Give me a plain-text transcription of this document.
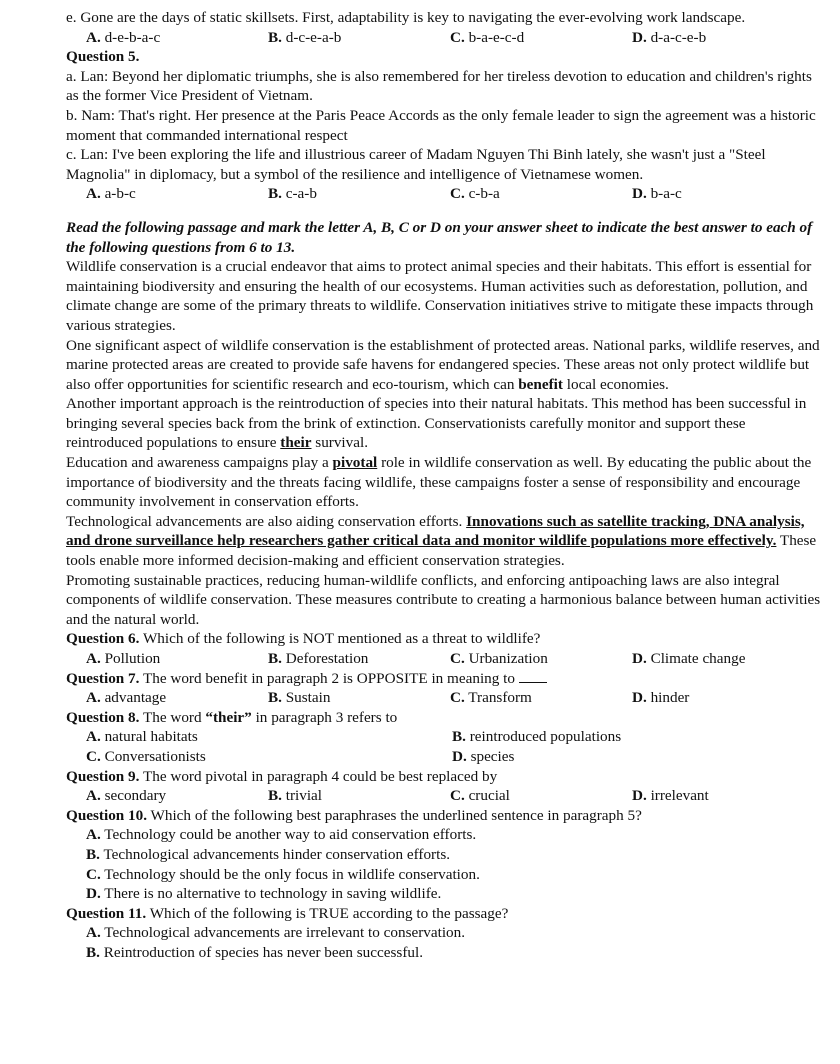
e. Gone are the days of static skillsets. First, adaptability is key to navigating the ever-evolving work landscape.

A. d-e-b-a-c	B. d-c-e-a-b	C. b-a-e-c-d	D. d-a-c-e-b

Question 5.

a. Lan: Beyond her diplomatic triumphs, she is also remembered for her tireless devotion to education and children's rights as the former Vice President of Vietnam.

b. Nam: That's right. Her presence at the Paris Peace Accords as the only female leader to sign the agreement was a historic moment that commanded international respect

c. Lan: I've been exploring the life and illustrious career of Madam Nguyen Thi Binh lately, she wasn't just a "Steel Magnolia" in diplomacy, but a symbol of the resilience and intelligence of Vietnamese women.

A. a-b-c	B. c-a-b	C. c-b-a	D. b-a-c

Read the following passage and mark the letter A, B, C or D on your answer sheet to indicate the best answer to each of the following questions from 6 to 13.

Wildlife conservation is a crucial endeavor that aims to protect animal species and their habitats. This effort is essential for maintaining biodiversity and ensuring the health of our ecosystems. Human activities such as deforestation, pollution, and climate change are some of the primary threats to wildlife. Conservation initiatives strive to mitigate these impacts through various strategies.

One significant aspect of wildlife conservation is the establishment of protected areas. National parks, wildlife reserves, and marine protected areas are created to provide safe havens for endangered species. These areas not only protect wildlife but also offer opportunities for scientific research and eco-tourism, which can benefit local economies.

Another important approach is the reintroduction of species into their natural habitats. This method has been successful in bringing several species back from the brink of extinction. Conservationists carefully monitor and support these reintroduced populations to ensure their survival.

Education and awareness campaigns play a pivotal role in wildlife conservation as well. By educating the public about the importance of biodiversity and the threats facing wildlife, these campaigns foster a sense of responsibility and encourage community involvement in conservation efforts.

Technological advancements are also aiding conservation efforts. Innovations such as satellite tracking, DNA analysis, and drone surveillance help researchers gather critical data and monitor wildlife populations more effectively. These tools enable more informed decision-making and efficient conservation strategies.

Promoting sustainable practices, reducing human-wildlife conflicts, and enforcing antipoaching laws are also integral components of wildlife conservation. These measures contribute to creating a harmonious balance between human activities and the natural world.

Question 6. Which of the following is NOT mentioned as a threat to wildlife?

A. Pollution	B. Deforestation	C. Urbanization	D. Climate change

Question 7. The word benefit in paragraph 2 is OPPOSITE in meaning to

A. advantage	B. Sustain	C. Transform	D. hinder

Question 8. The word “their” in paragraph 3 refers to

A. natural habitats	B. reintroduced populations
C. Conversationists	D. species

Question 9. The word pivotal in paragraph 4 could be best replaced by

A. secondary	B. trivial	C. crucial	D. irrelevant

Question 10. Which of the following best paraphrases the underlined sentence in paragraph 5?

A. Technology could be another way to aid conservation efforts.
B. Technological advancements hinder conservation efforts.
C. Technology should be the only focus in wildlife conservation.
D. There is no alternative to technology in saving wildlife.

Question 11. Which of the following is TRUE according to the passage?

A. Technological advancements are irrelevant to conservation.
B. Reintroduction of species has never been successful.
